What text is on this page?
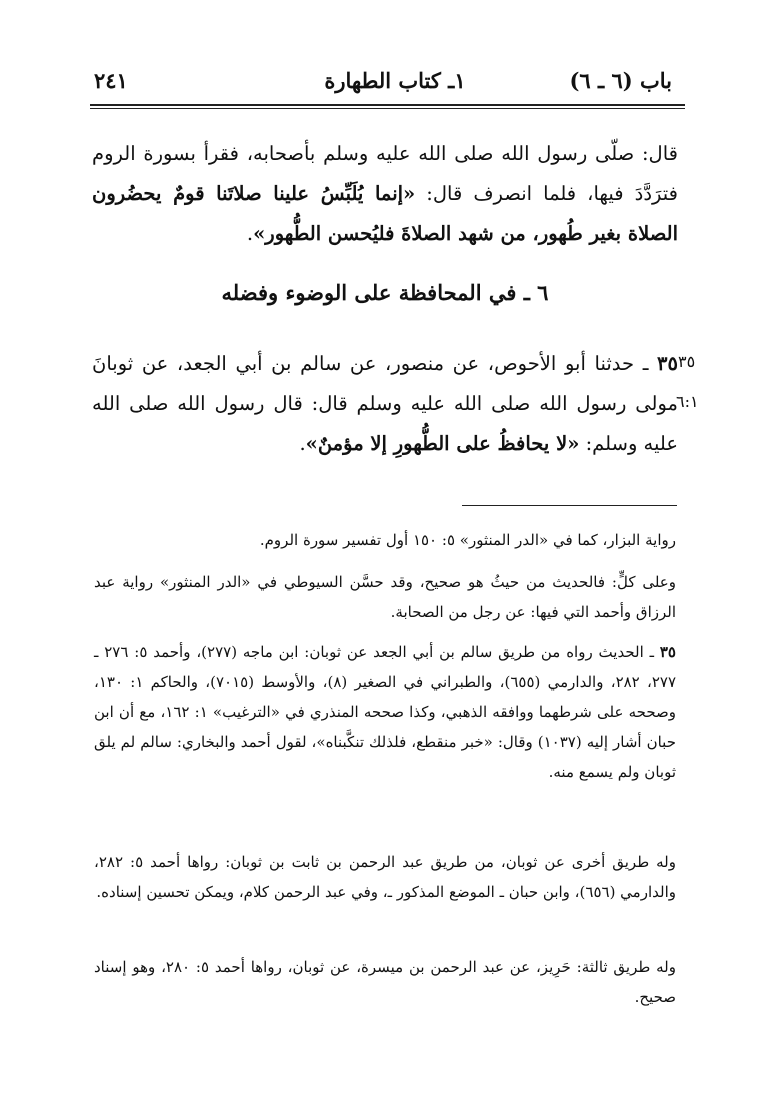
٢٤١	١ـ كتاب الطهارة	باب (٦ ـ ٦)
قال: صلّى رسول الله صلى الله عليه وسلم بأصحابه، فقرأ بسورة الروم فترَدَّدَ فيها، فلما انصرف قال: «إنما يُلَبِّسُ علينا صلاتَنا قومٌ يحضُرون الصلاة بغير طُهور، من شهد الصلاةَ فليُحسن الطُّهور».
٦ ـ في المحافظة على الوضوء وفضله
٣٥
٦:١
٣٥ ـ حدثنا أبو الأحوص، عن منصور، عن سالم بن أبي الجعد، عن ثوبانَ مولى رسول الله صلى الله عليه وسلم قال: قال رسول الله صلى الله عليه وسلم: «لا يحافظُ على الطُّهورِ إلا مؤمنٌ».
رواية البزار، كما في «الدر المنثور» ٥: ١٥٠ أول تفسير سورة الروم.
وعلى كلٍّ: فالحديث من حيثُ هو صحيح، وقد حسَّن السيوطي في «الدر المنثور» رواية عبد الرزاق وأحمد التي فيها: عن رجل من الصحابة.
٣٥ ـ الحديث رواه من طريق سالم بن أبي الجعد عن ثوبان: ابن ماجه (٢٧٧)، وأحمد ٥: ٢٧٦ ـ ٢٧٧، ٢٨٢، والدارمي (٦٥٥)، والطبراني في الصغير (٨)، والأوسط (٧٠١٥)، والحاكم ١: ١٣٠، وصححه على شرطهما ووافقه الذهبي، وكذا صححه المنذري في «الترغيب» ١: ١٦٢، مع أن ابن حبان أشار إليه (١٠٣٧) وقال: «خبر منقطع، فلذلك تنكَّبناه»، لقول أحمد والبخاري: سالم لم يلق ثوبان ولم يسمع منه.
وله طريق أخرى عن ثوبان، من طريق عبد الرحمن بن ثابت بن ثوبان: رواها أحمد ٥: ٢٨٢، والدارمي (٦٥٦)، وابن حبان ـ الموضع المذكور ـ، وفي عبد الرحمن كلام، ويمكن تحسين إسناده.
وله طريق ثالثة: حَرِيز، عن عبد الرحمن بن ميسرة، عن ثوبان، رواها أحمد ٥: ٢٨٠، وهو إسناد صحيح.
